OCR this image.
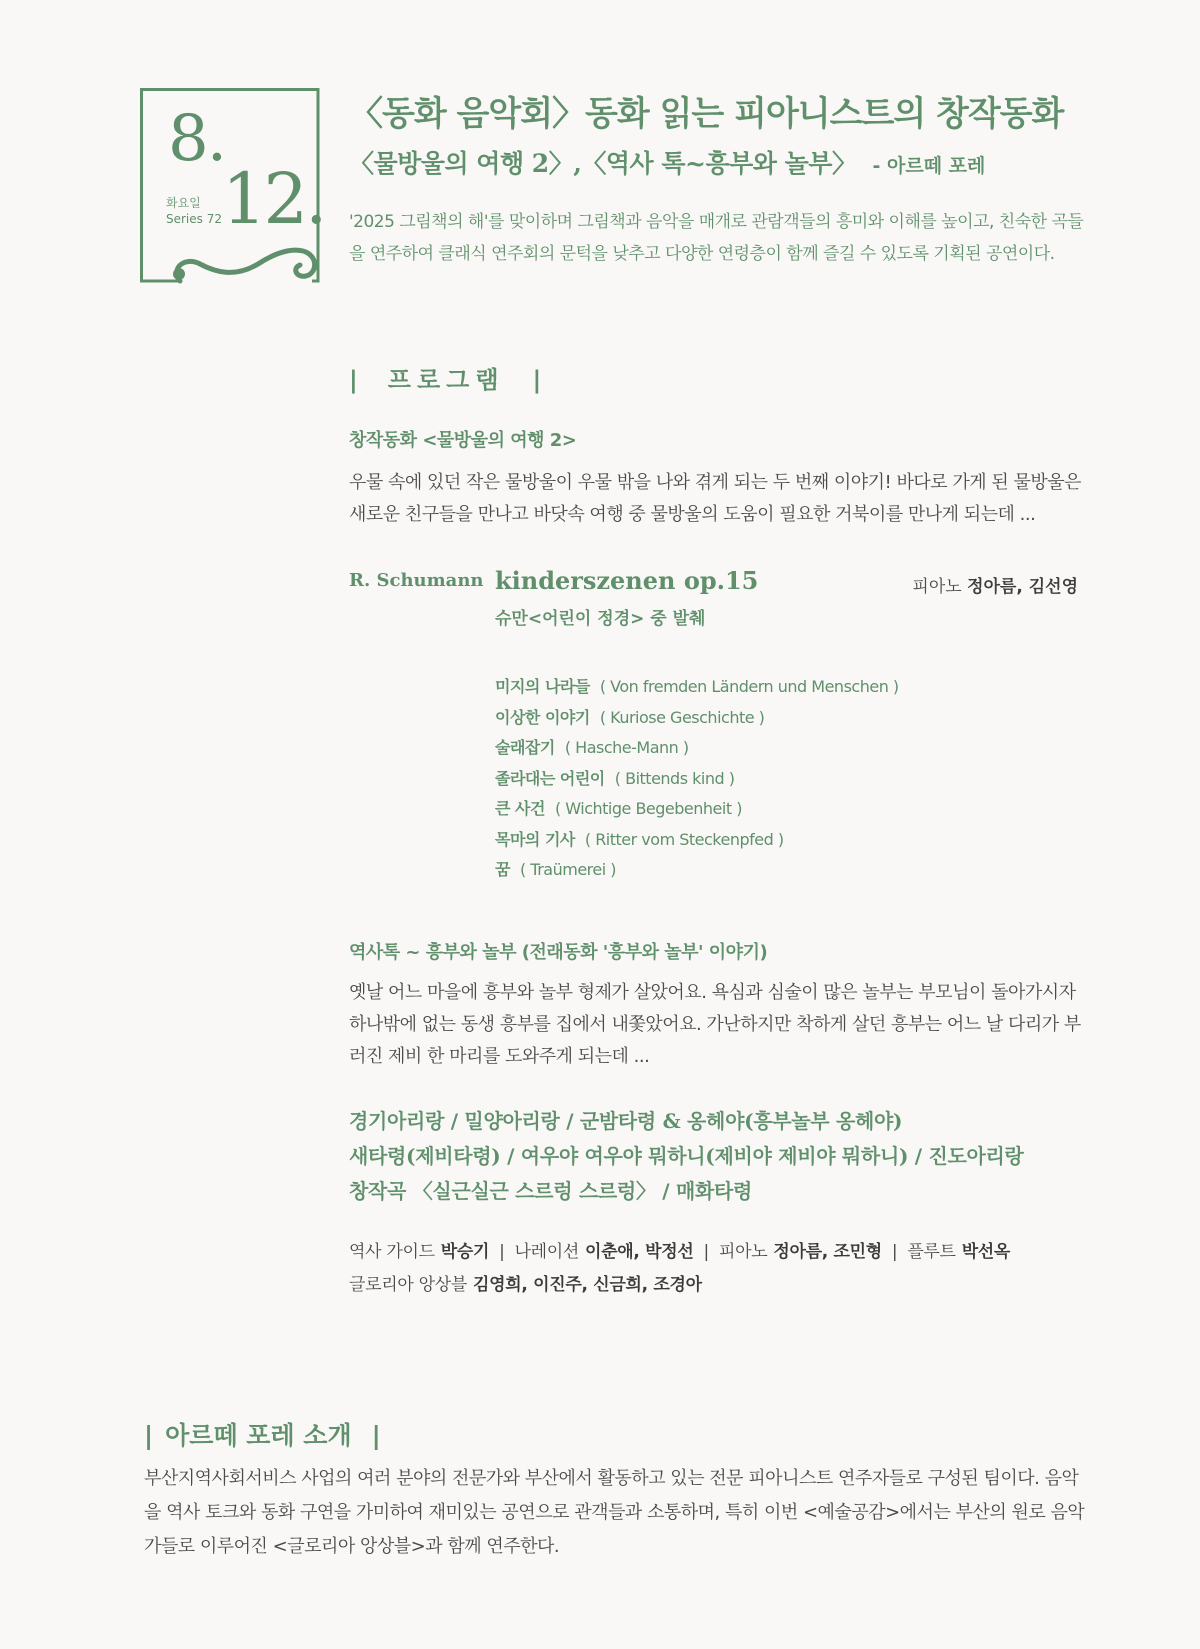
8.
화요일
Series 72 12.
〈동화 음악회〉동화 읽는 피아니스트의 창작동화
〈물방울의 여행 2〉,〈역사 톡~흥부와 놀부〉 - 아르떼 포레
'2025 그림책의 해'를 맞이하며 그림책과 음악을 매개로 관람객들의 흥미와 이해를 높이고, 친숙한 곡들을 연주하여 클래식 연주회의 문턱을 낮추고 다양한 연령층이 함께 즐길 수 있도록 기획된 공연이다.
| 프로그램 |
창작동화 <물방울의 여행 2>
우물 속에 있던 작은 물방울이 우물 밖을 나와 겪게 되는 두 번째 이야기! 바다로 가게 된 물방울은 새로운 친구들을 만나고 바닷속 여행 중 물방울의 도움이 필요한 거북이를 만나게 되는데 ...
R. Schumann kinderszenen op.15
슈만<어린이 정경> 중 발췌
피아노 정아름, 김선영
미지의 나라들 ( Von fremden Ländern und Menschen )
이상한 이야기 ( Kuriose Geschichte )
술래잡기 ( Hasche-Mann )
졸라대는 어린이 ( Bittends kind )
큰 사건 ( Wichtige Begebenheit )
목마의 기사 ( Ritter vom Steckenpfed )
꿈 ( Traümerei )
역사톡 ~ 흥부와 놀부 (전래동화 '흥부와 놀부' 이야기)
옛날 어느 마을에 흥부와 놀부 형제가 살았어요. 욕심과 심술이 많은 놀부는 부모님이 돌아가시자 하나밖에 없는 동생 흥부를 집에서 내쫓았어요. 가난하지만 착하게 살던 흥부는 어느 날 다리가 부러진 제비 한 마리를 도와주게 되는데 ...
경기아리랑 / 밀양아리랑 / 군밤타령 & 옹헤야(흥부놀부 옹헤야)
새타령(제비타령) / 여우야 여우야 뭐하니(제비야 제비야 뭐하니) / 진도아리랑
창작곡 〈실근실근 스르렁 스르렁〉 / 매화타령
역사 가이드 박승기 | 나레이션 이춘애, 박정선 | 피아노 정아름, 조민형 | 플루트 박선옥
글로리아 앙상블 김영희, 이진주, 신금희, 조경아
| 아르떼 포레 소개 |
부산지역사회서비스 사업의 여러 분야의 전문가와 부산에서 활동하고 있는 전문 피아니스트 연주자들로 구성된 팀이다. 음악을 역사 토크와 동화 구연을 가미하여 재미있는 공연으로 관객들과 소통하며, 특히 이번 <예술공감>에서는 부산의 원로 음악가들로 이루어진 <글로리아 앙상블>과 함께 연주한다.
